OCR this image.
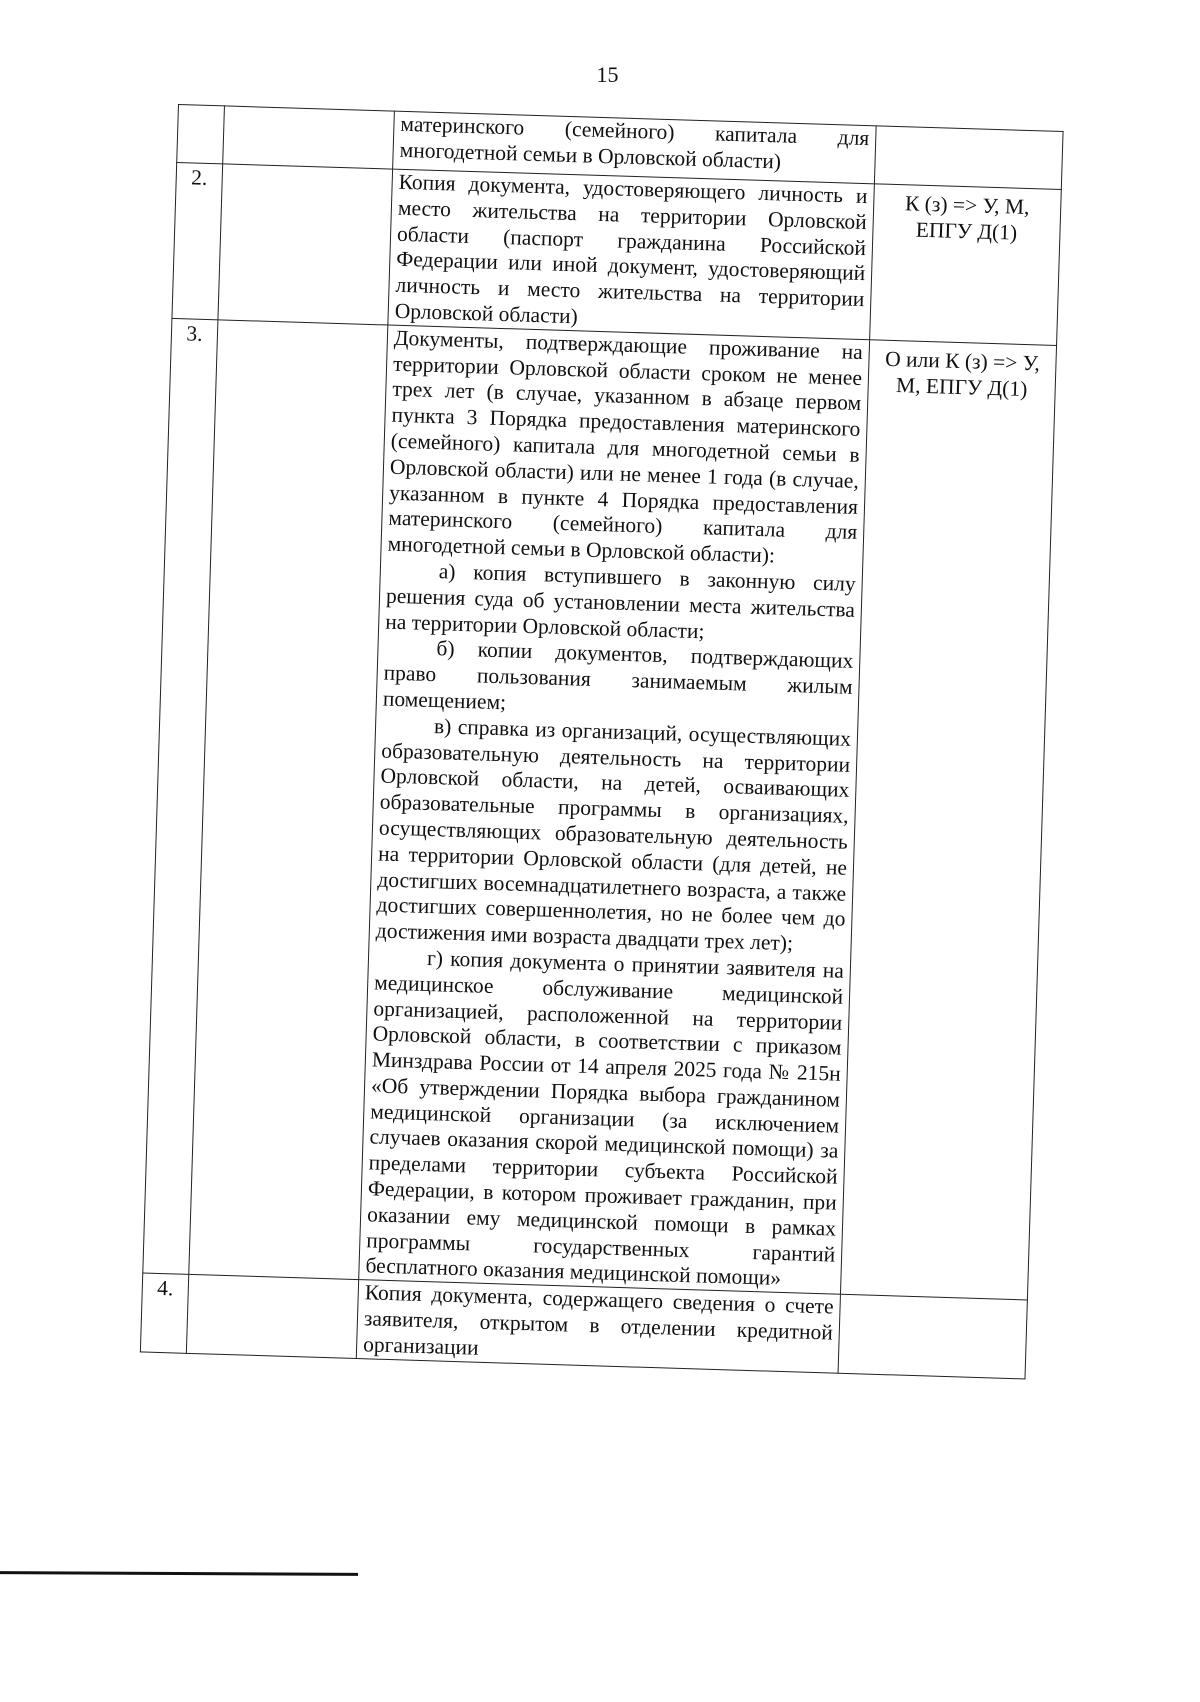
15

		материнского (семейного) капитала для многодетной семьи в Орловской области)	

2.		Копия документа, удостоверяющего личность и место жительства на территории Орловской области (паспорт гражданина Российской Федерации или иной документ, удостоверяющий личность и место жительства на территории Орловской области)	К (з) => У, М, ЕПГУ Д(1)
3.		Документы, подтверждающие проживание на территории Орловской области сроком не менее трех лет (в случае, указанном в абзаце первом пункта 3 Порядка предоставления материнского (семейного) капитала для многодетной семьи в Орловской области) или не менее 1 года (в случае, указанном в пункте 4 Порядка предоставления материнского (семейного) капитала для многодетной семьи в Орловской области):

а) копия вступившего в законную силу решения суда об установлении места жительства на территории Орловской области;

б) копии документов, подтверждающих право пользования занимаемым жилым помещением;

в) справка из организаций, осуществляющих образовательную деятельность на территории Орловской области, на детей, осваивающих образовательные программы в организациях, осуществляющих образовательную деятельность на территории Орловской области (для детей, не достигших восемнадцатилетнего возраста, а также достигших совершеннолетия, но не более чем до достижения ими возраста двадцати трех лет);

г) копия документа о принятии заявителя на медицинское обслуживание медицинской организацией, расположенной на территории Орловской области, в соответствии с приказом Минздрава России от 14 апреля 2025 года № 215н «Об утверждении Порядка выбора гражданином медицинской организации (за исключением случаев оказания скорой медицинской помощи) за пределами территории субъекта Российской Федерации, в котором проживает гражданин, при оказании ему медицинской помощи в рамках программы государственных гарантий бесплатного оказания медицинской помощи»	О или К (з) => У, М, ЕПГУ Д(1)
4.		Копия документа, содержащего сведения о счете заявителя, открытом в отделении кредитной организации	
